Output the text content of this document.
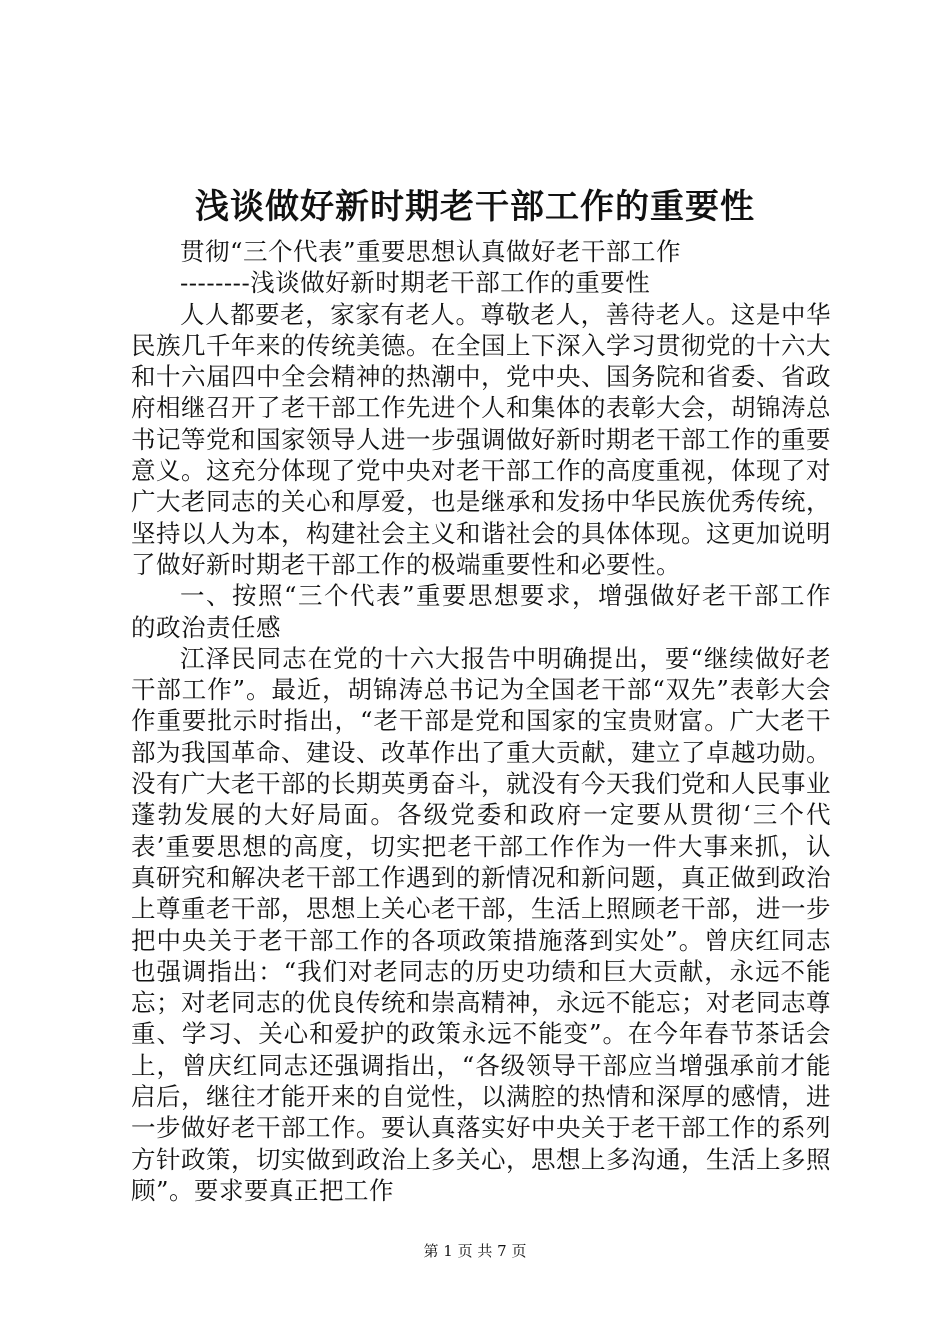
浅谈做好新时期老干部工作的重要性

贯彻“三个代表”重要思想认真做好老干部工作

--------浅谈做好新时期老干部工作的重要性

人人都要老，家家有老人。尊敬老人，善待老人。这是中华民族几千年来的传统美德。在全国上下深入学习贯彻党的十六大和十六届四中全会精神的热潮中，党中央、国务院和省委、省政府相继召开了老干部工作先进个人和集体的表彰大会，胡锦涛总书记等党和国家领导人进一步强调做好新时期老干部工作的重要意义。这充分体现了党中央对老干部工作的高度重视，体现了对广大老同志的关心和厚爱，也是继承和发扬中华民族优秀传统，坚持以人为本，构建社会主义和谐社会的具体体现。这更加说明了做好新时期老干部工作的极端重要性和必要性。

一、按照“三个代表”重要思想要求，增强做好老干部工作的政治责任感

江泽民同志在党的十六大报告中明确提出，要“继续做好老干部工作”。最近，胡锦涛总书记为全国老干部“双先”表彰大会作重要批示时指出，“老干部是党和国家的宝贵财富。广大老干部为我国革命、建设、改革作出了重大贡献，建立了卓越功勋。没有广大老干部的长期英勇奋斗，就没有今天我们党和人民事业蓬勃发展的大好局面。各级党委和政府一定要从贯彻‘三个代表’重要思想的高度，切实把老干部工作作为一件大事来抓，认真研究和解决老干部工作遇到的新情况和新问题，真正做到政治上尊重老干部，思想上关心老干部，生活上照顾老干部，进一步把中央关于老干部工作的各项政策措施落到实处”。曾庆红同志也强调指出：“我们对老同志的历史功绩和巨大贡献，永远不能忘；对老同志的优良传统和崇高精神，永远不能忘；对老同志尊重、学习、关心和爱护的政策永远不能变”。在今年春节茶话会上，曾庆红同志还强调指出，“各级领导干部应当增强承前才能启后，继往才能开来的自觉性，以满腔的热情和深厚的感情，进一步做好老干部工作。要认真落实好中央关于老干部工作的系列方针政策，切实做到政治上多关心，思想上多沟通，生活上多照顾”。要求要真正把工作

第 1 页 共 7 页
